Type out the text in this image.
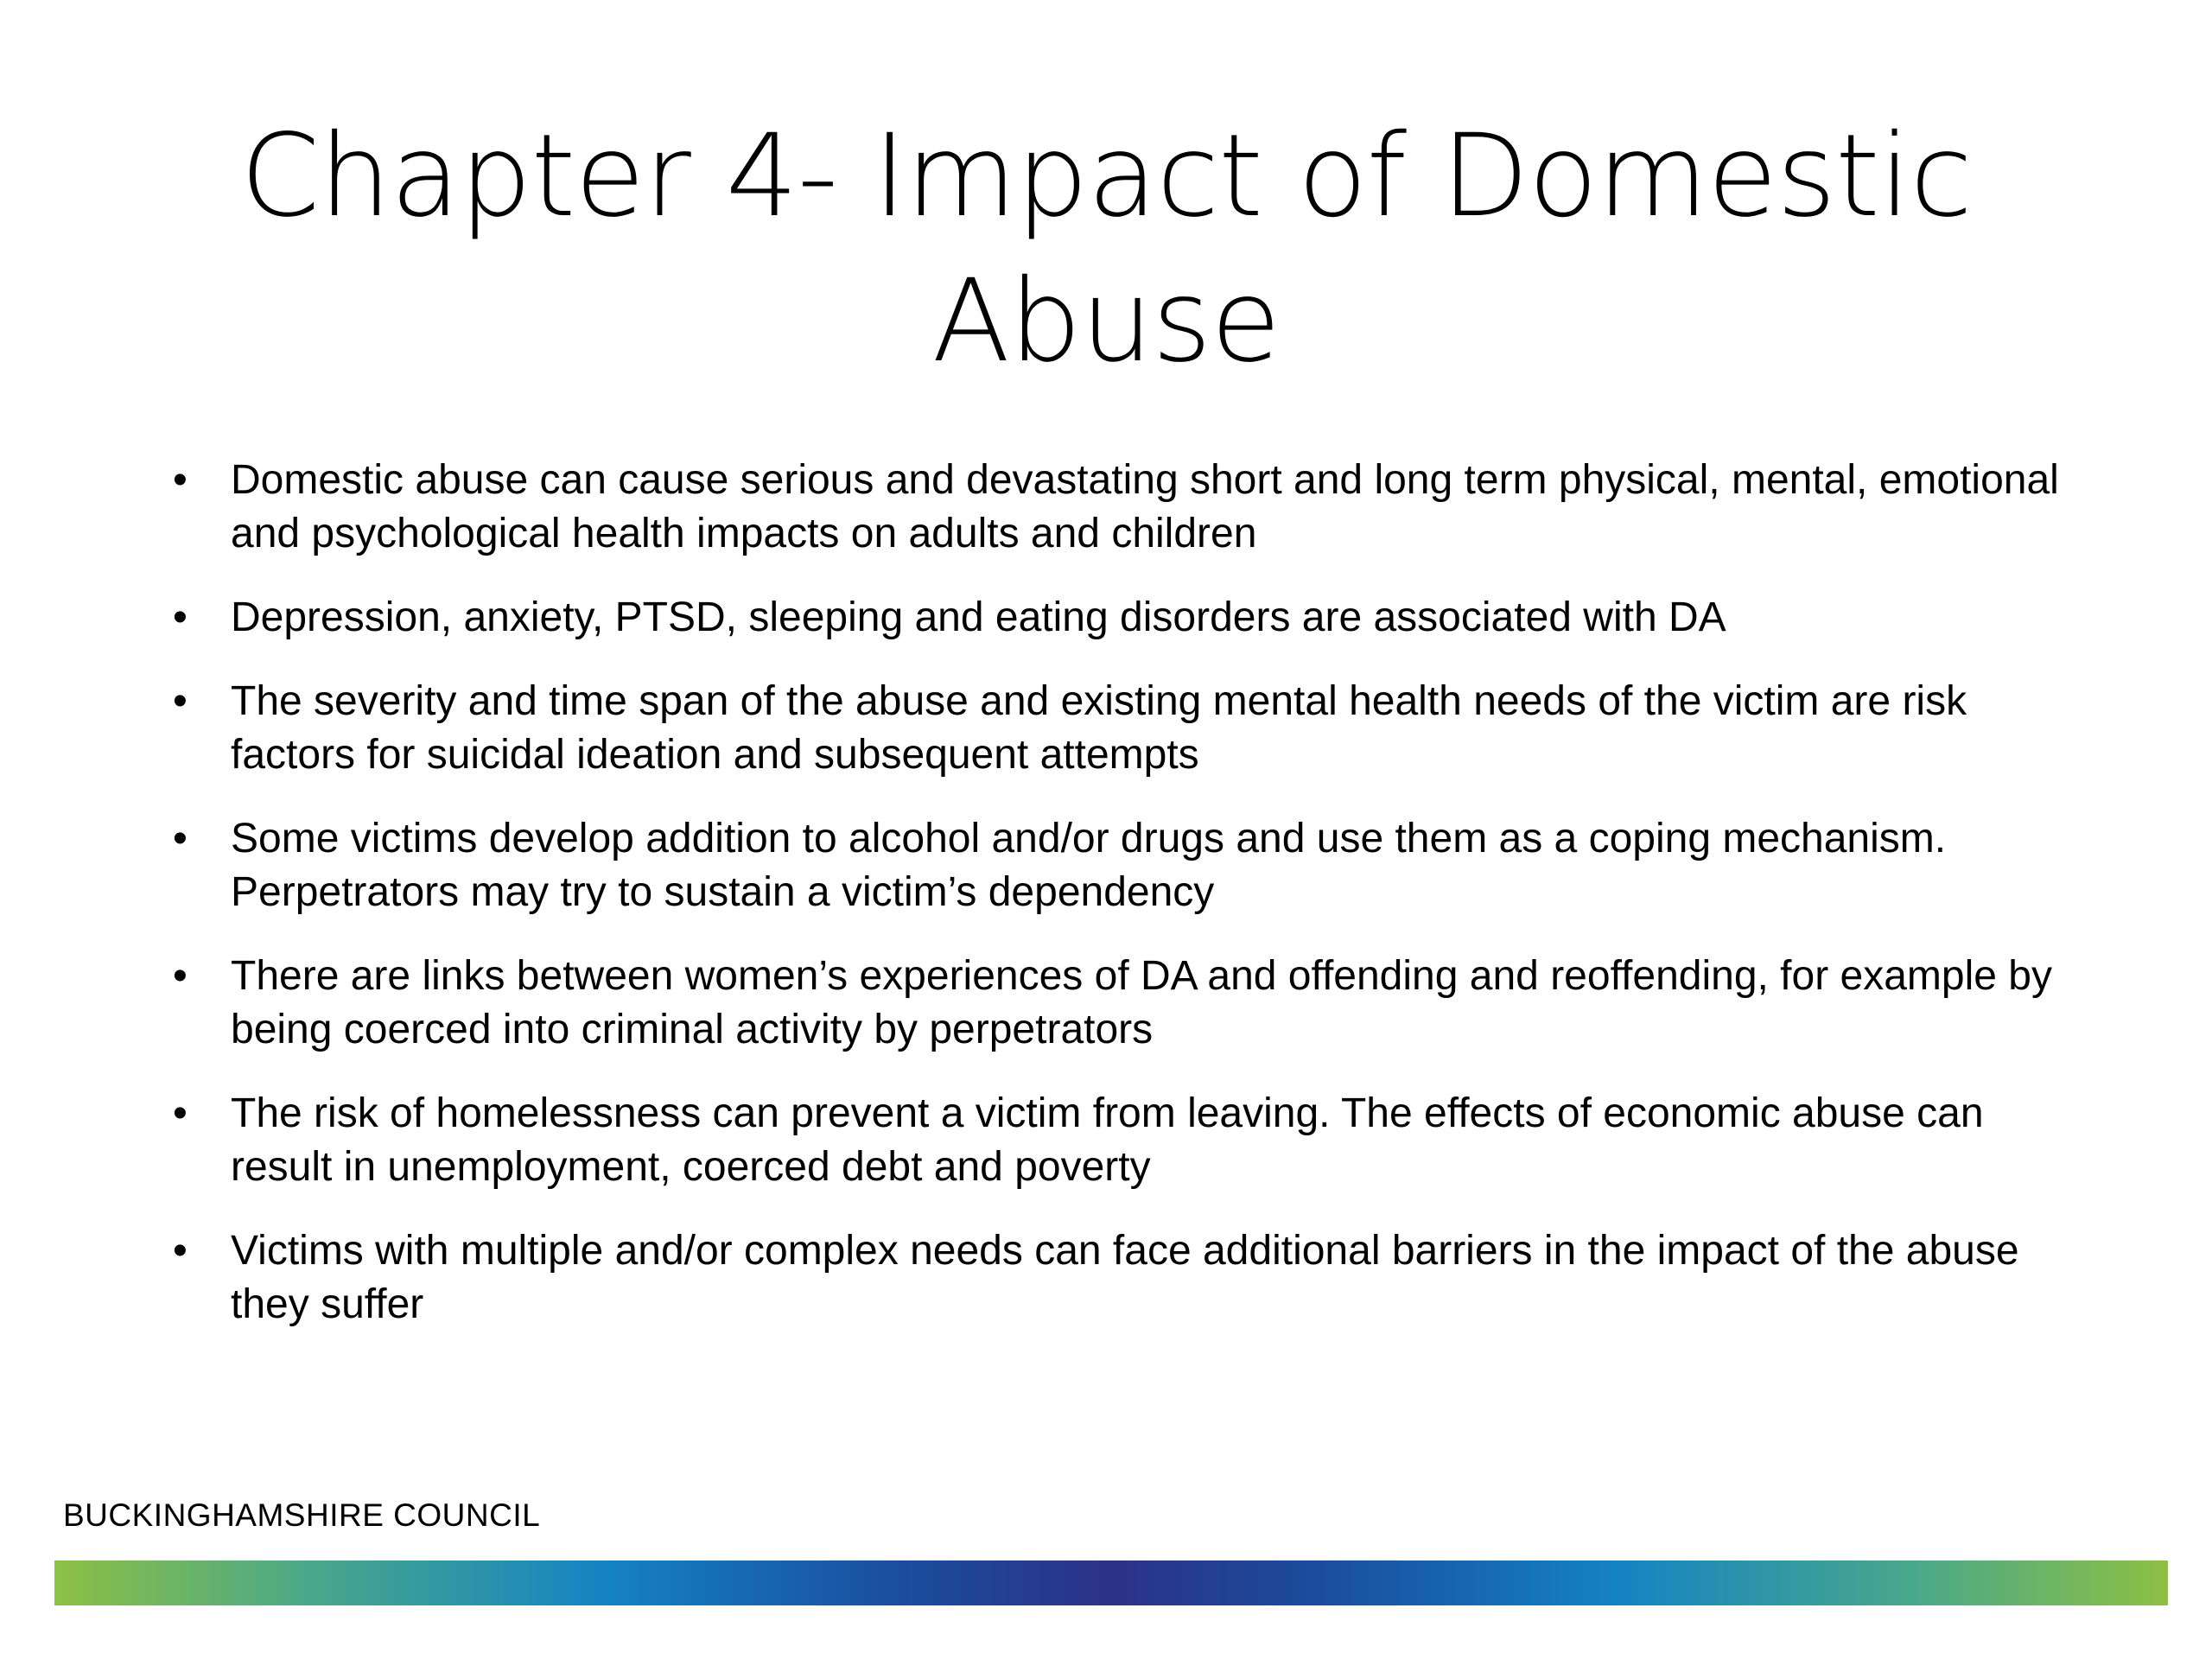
Chapter 4- Impact of Domestic Abuse
• Domestic abuse can cause serious and devastating short and long term physical, mental, emotional and psychological health impacts on adults and children
• Depression, anxiety, PTSD, sleeping and eating disorders are associated with DA
• The severity and time span of the abuse and existing mental health needs of the victim are risk factors for suicidal ideation and subsequent attempts
• Some victims develop addition to alcohol and/or drugs and use them as a coping mechanism. Perpetrators may try to sustain a victim’s dependency
• There are links between women’s experiences of DA and offending and reoffending, for example by being coerced into criminal activity by perpetrators
• The risk of homelessness can prevent a victim from leaving. The effects of economic abuse can result in unemployment, coerced debt and poverty
• Victims with multiple and/or complex needs can face additional barriers in the impact of the abuse they suffer
BUCKINGHAMSHIRE COUNCIL
